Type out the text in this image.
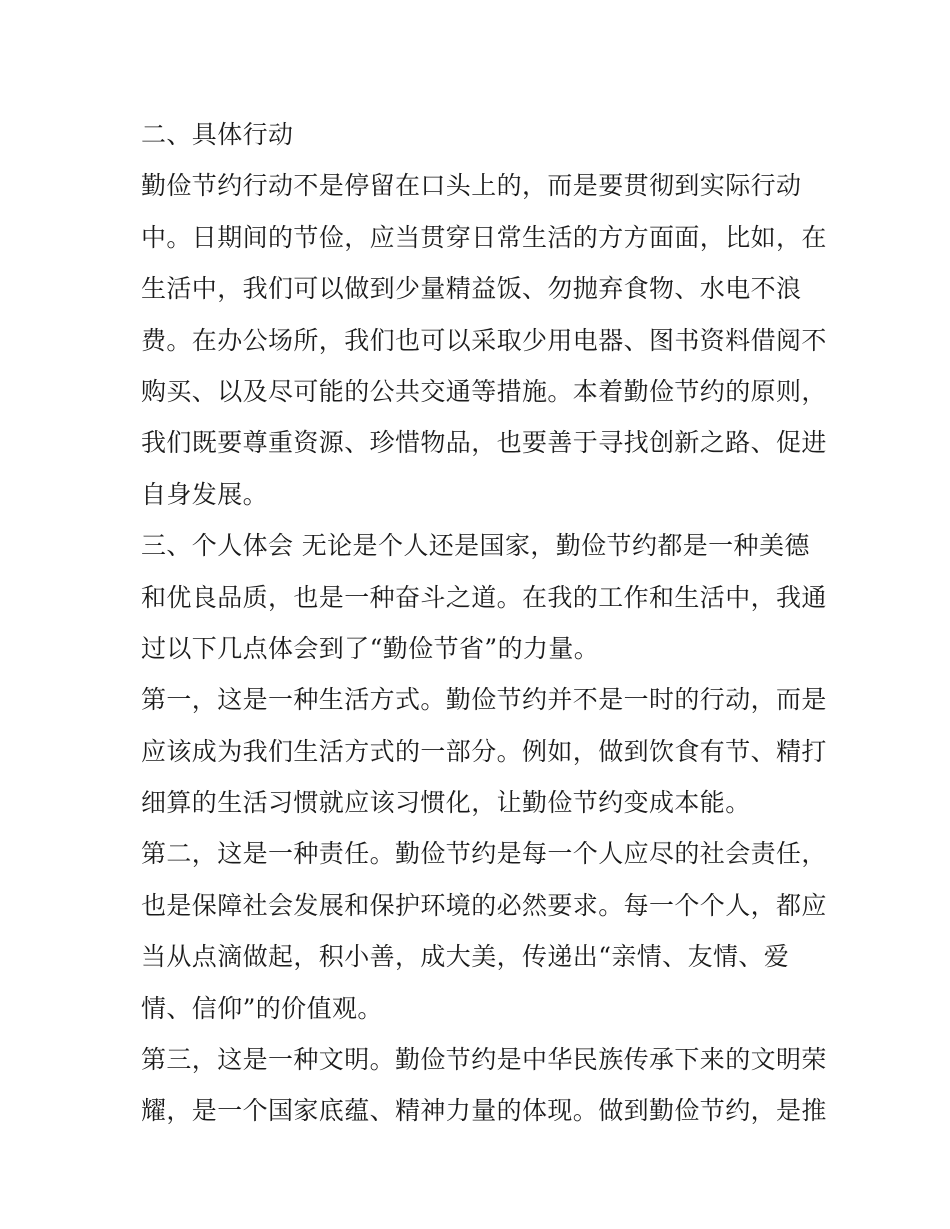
二、具体行动
勤俭节约行动不是停留在口头上的，而是要贯彻到实际行动
中。日期间的节俭，应当贯穿日常生活的方方面面，比如，在
生活中，我们可以做到少量精益饭、勿抛弃食物、水电不浪
费。在办公场所，我们也可以采取少用电器、图书资料借阅不
购买、以及尽可能的公共交通等措施。本着勤俭节约的原则，
我们既要尊重资源、珍惜物品，也要善于寻找创新之路、促进
自身发展。
三、个人体会 无论是个人还是国家，勤俭节约都是一种美德
和优良品质，也是一种奋斗之道。在我的工作和生活中，我通
过以下几点体会到了“勤俭节省”的力量。
第一，这是一种生活方式。勤俭节约并不是一时的行动，而是
应该成为我们生活方式的一部分。例如，做到饮食有节、精打
细算的生活习惯就应该习惯化，让勤俭节约变成本能。
第二，这是一种责任。勤俭节约是每一个人应尽的社会责任，
也是保障社会发展和保护环境的必然要求。每一个个人，都应
当从点滴做起，积小善，成大美，传递出“亲情、友情、爱
情、信仰”的价值观。
第三，这是一种文明。勤俭节约是中华民族传承下来的文明荣
耀，是一个国家底蕴、精神力量的体现。做到勤俭节约，是推
